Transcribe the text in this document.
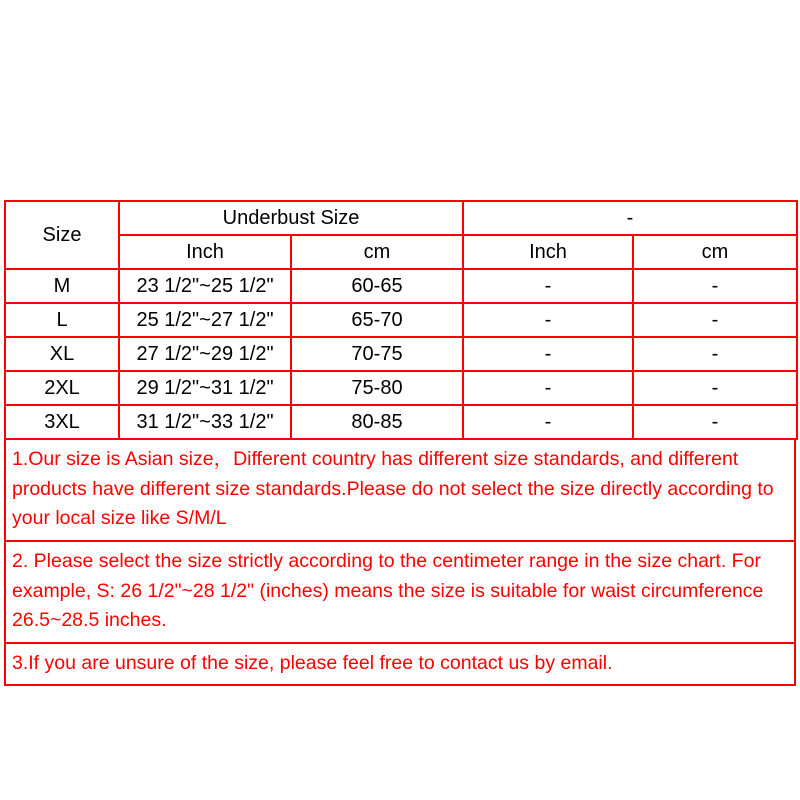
Size	Underbust Size		-	
	Inch	cm	Inch	cm
M	23 1/2"~25 1/2"	60-65	-	-
L	25 1/2"~27 1/2"	65-70	-	-
XL	27 1/2"~29 1/2"	70-75	-	-
2XL	29 1/2"~31 1/2"	75-80	-	-
3XL	31 1/2"~33 1/2"	80-85	-	-
1.Our size is Asian size，Different country has different size standards, and different products have different size standards.Please do not select the size directly according to your local size like S/M/L
2. Please select the size strictly according to the centimeter range in the size chart. For example, S: 26 1/2"~28 1/2" (inches) means the size is suitable for waist circumference 26.5~28.5 inches.
3.If you are unsure of the size, please feel free to contact us by email.
